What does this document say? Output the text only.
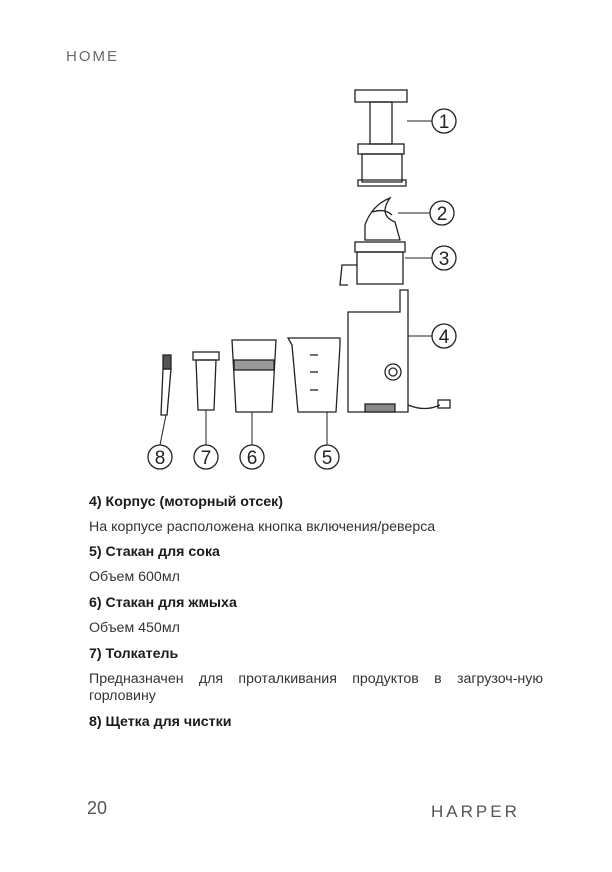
HOME
1
2
3
4
5
6
7
8
4) Корпус (моторный отсек)
На корпусе расположена кнопка включения/реверса
5) Стакан для сока
Объем 600мл
6) Стакан для жмыха
Объем 450мл
7) Толкатель
Предназначен для проталкивания продуктов в загрузоч-ную горловину
8) Щетка для чистки
20	HARPER
